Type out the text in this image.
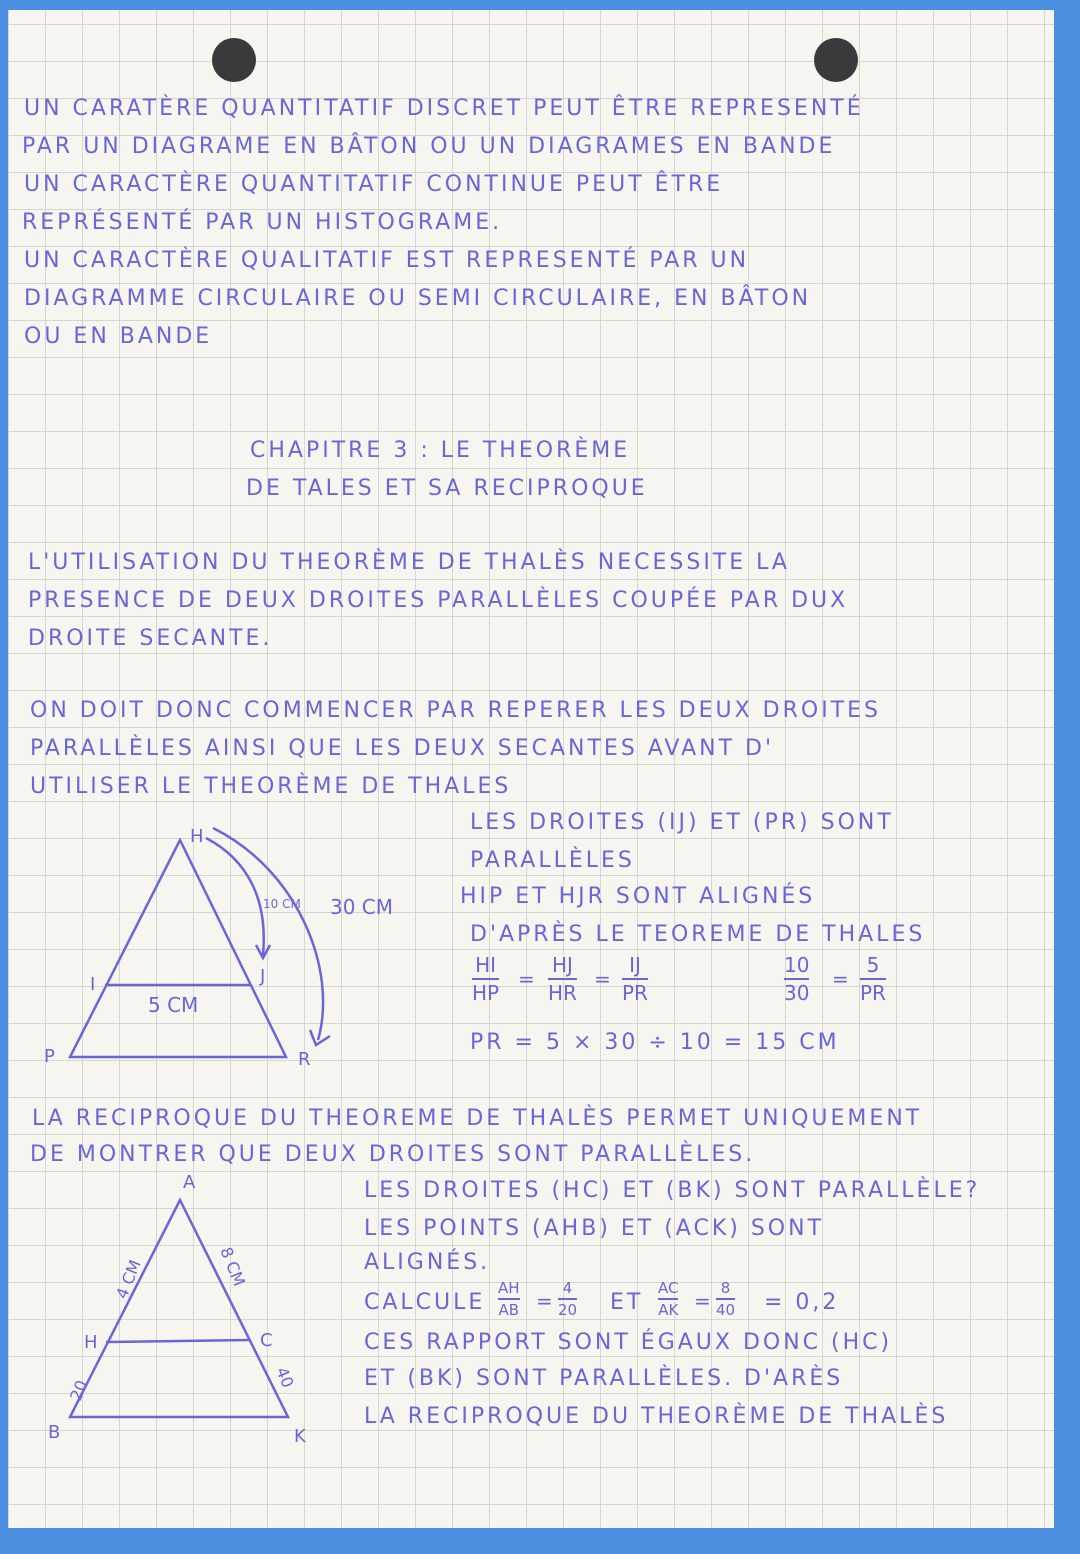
UN CARATÈRE QUANTITATIF DISCRET PEUT ÊTRE REPRESENTÉ
PAR UN DIAGRAME EN BÂTON OU UN DIAGRAMES EN BANDE
UN CARACTÈRE QUANTITATIF CONTINUE PEUT ÊTRE
REPRÉSENTÉ PAR UN HISTOGRAME.
UN CARACTÈRE QUALITATIF EST REPRESENTÉ PAR UN
DIAGRAMME CIRCULAIRE OU SEMI CIRCULAIRE, EN BÂTON
OU EN BANDE
CHAPITRE 3 : LE THEORÈME
DE TALES ET SA RECIPROQUE
L'UTILISATION DU THEORÈME DE THALÈS NECESSITE LA
PRESENCE DE DEUX DROITES PARALLÈLES COUPÉE PAR DUX
DROITE SECANTE.
ON DOIT DONC COMMENCER PAR REPERER LES DEUX DROITES
PARALLÈLES AINSI QUE LES DEUX SECANTES AVANT D'
UTILISER LE THEORÈME DE THALES
H
I	J
P	R
10 CM 30 CM
5 CM
LES DROITES (IJ) ET (PR) SONT
PARALLÈLES
HIP ET HJR SONT ALIGNÉS
D'APRÈS LE TEOREME DE THALES
$\frac{HI}{HP} = \frac{HJ}{HR} = \frac{IJ}{PR}$	$\frac{10}{30} = \frac{5}{PR}$
PR = 5 × 30 ÷ 10 = 15 CM
LA RECIPROQUE DU THEOREME DE THALÈS PERMET UNIQUEMENT
DE MONTRER QUE DEUX DROITES SONT PARALLÈLES.
A
H	C
B	K
4 CM	8 CM
20
40
LES DROITES (HC) ET (BK) SONT PARALLÈLE?
LES POINTS (AHB) ET (ACK) SONT
ALIGNÉS.
CALCULE $\frac{AH}{AB} = \frac{4}{20}$ ET $\frac{AC}{AK} = \frac{8}{40} = 0,2$
CES RAPPORT SONT ÉGAUX DONC (HC)
ET (BK) SONT PARALLÈLES. D'ARÈS
LA RECIPROQUE DU THEORÈME DE THALÈS
